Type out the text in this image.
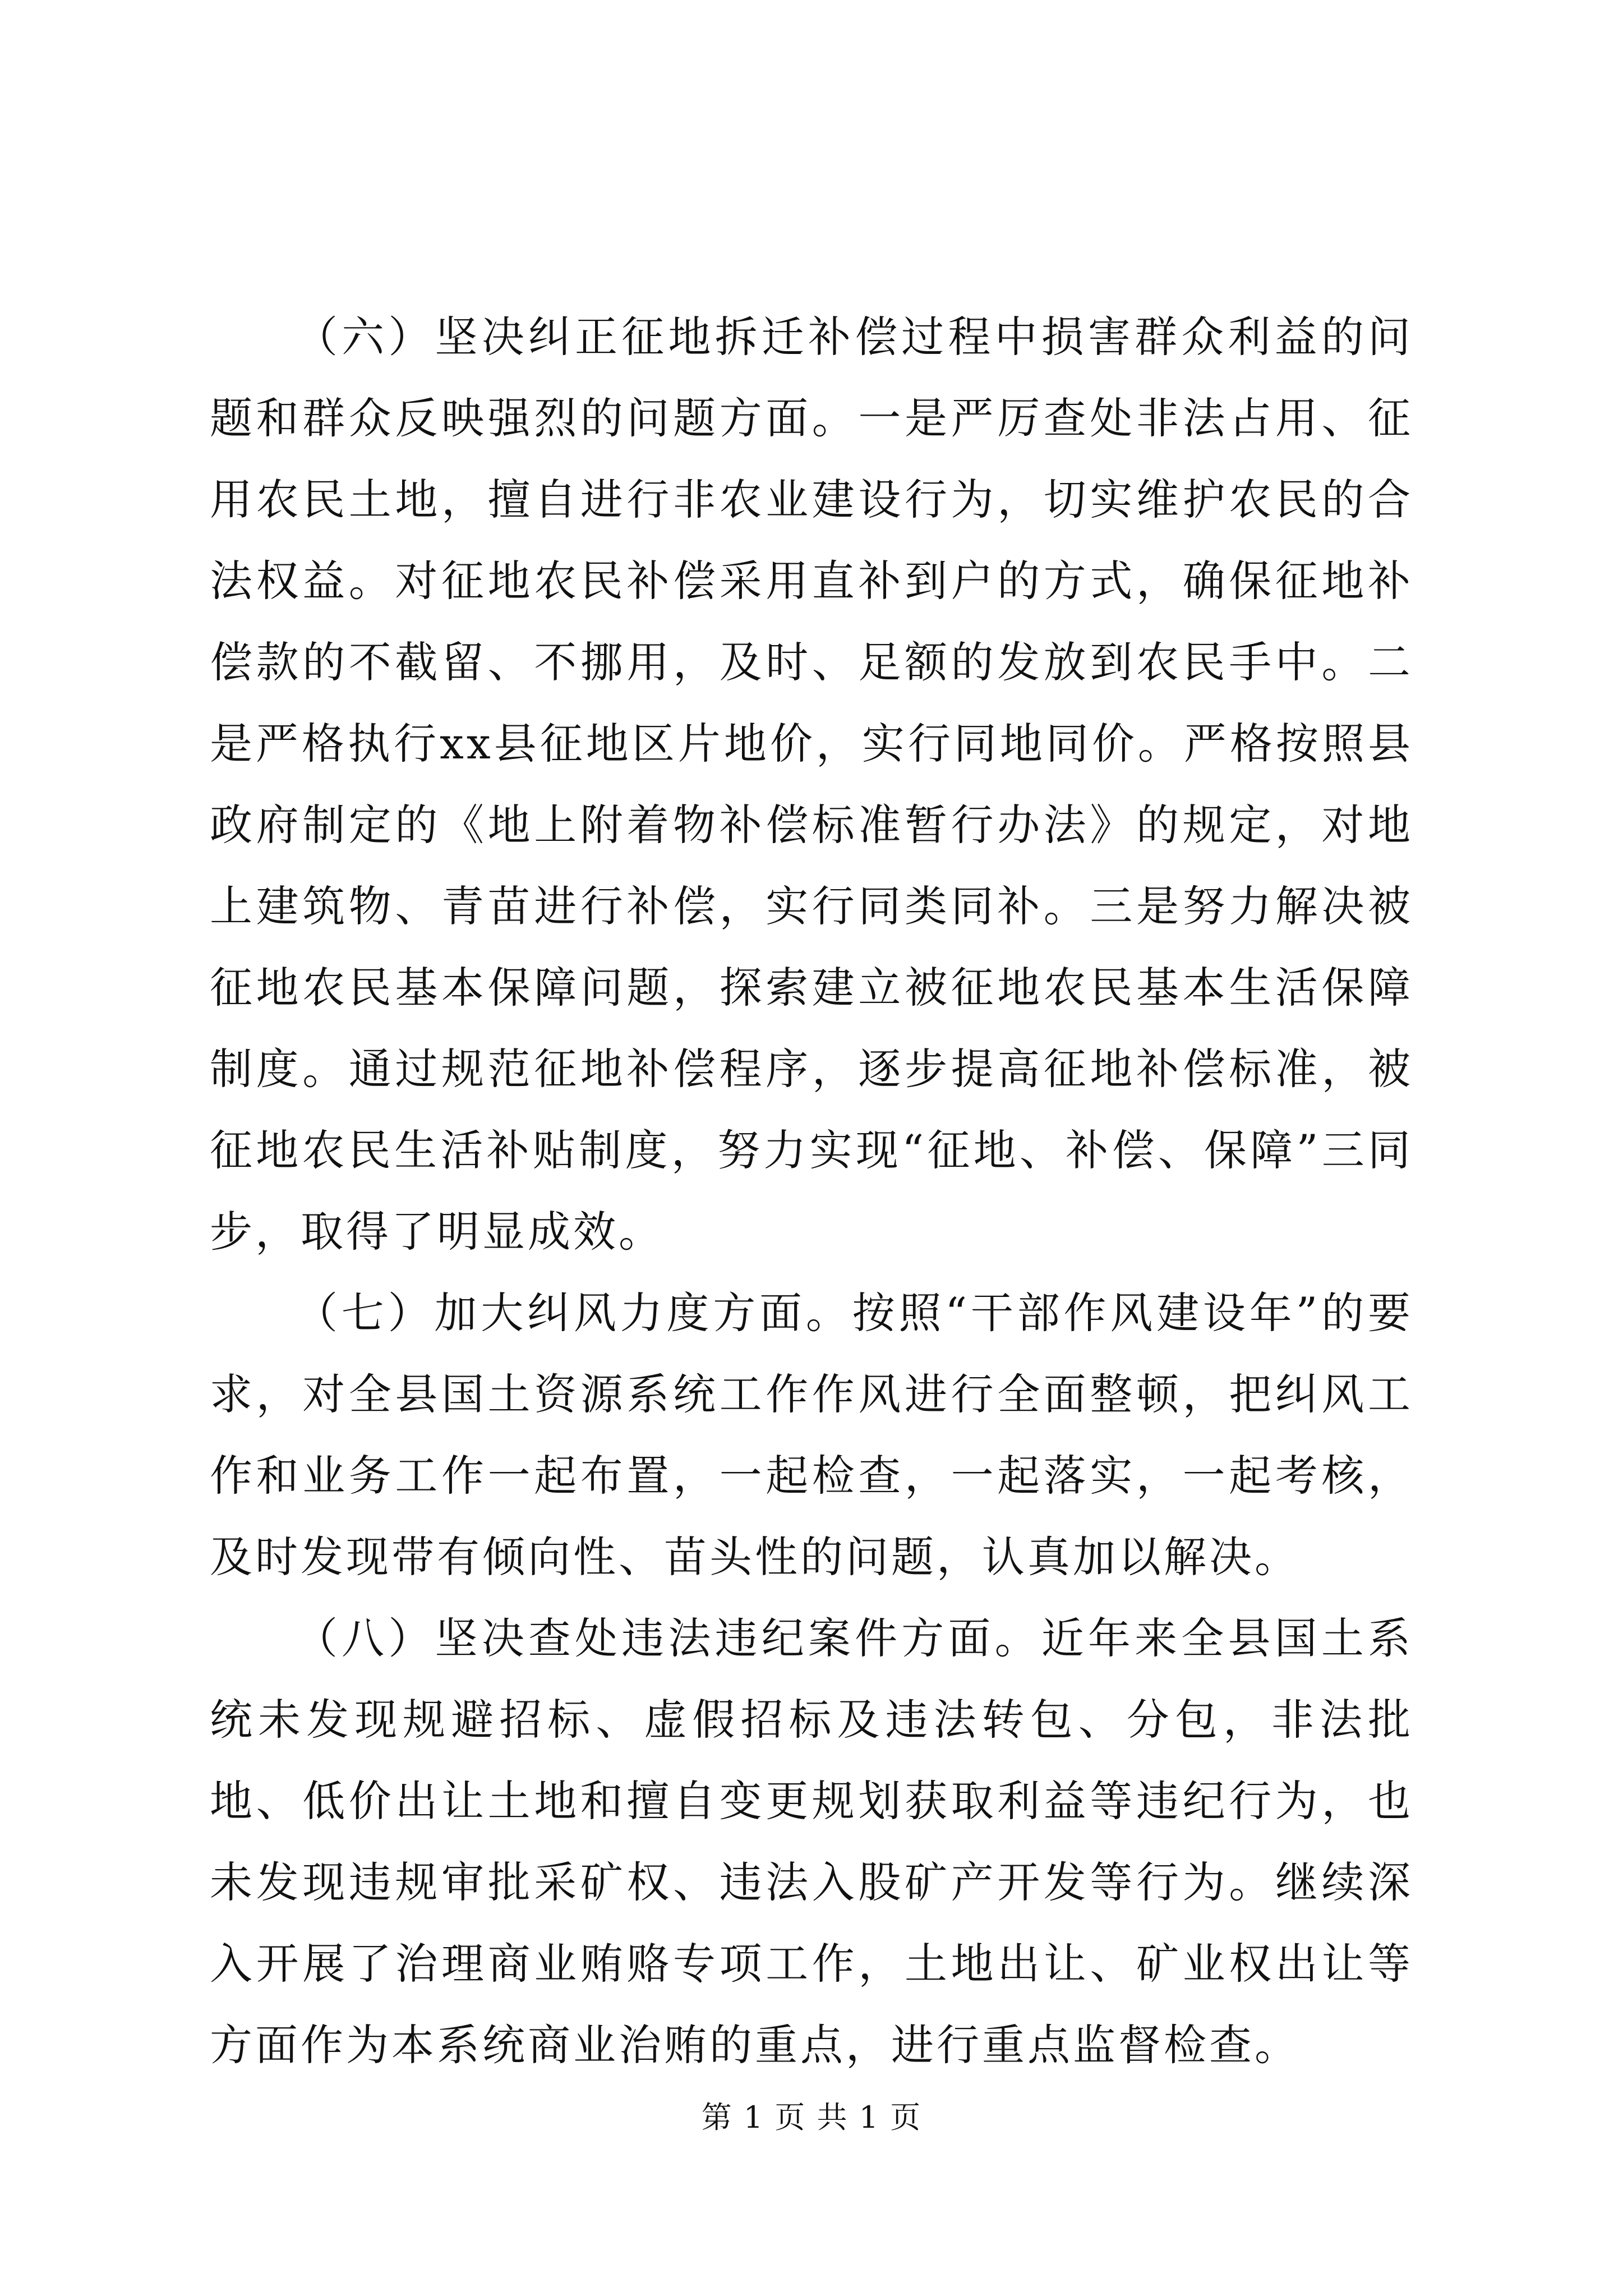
（六）坚决纠正征地拆迁补偿过程中损害群众利益的问题和群众反映强烈的问题方面。一是严厉查处非法占用、征用农民土地，擅自进行非农业建设行为，切实维护农民的合法权益。对征地农民补偿采用直补到户的方式，确保征地补偿款的不截留、不挪用，及时、足额的发放到农民手中。二是严格执行xx县征地区片地价，实行同地同价。严格按照县政府制定的《地上附着物补偿标准暂行办法》的规定，对地上建筑物、青苗进行补偿，实行同类同补。三是努力解决被征地农民基本保障问题，探索建立被征地农民基本生活保障制度。通过规范征地补偿程序，逐步提高征地补偿标准，被征地农民生活补贴制度，努力实现“征地、补偿、保障”三同步，取得了明显成效。

（七）加大纠风力度方面。按照“干部作风建设年”的要求，对全县国土资源系统工作作风进行全面整顿，把纠风工作和业务工作一起布置，一起检查，一起落实，一起考核，及时发现带有倾向性、苗头性的问题，认真加以解决。

（八）坚决查处违法违纪案件方面。近年来全县国土系统未发现规避招标、虚假招标及违法转包、分包，非法批地、低价出让土地和擅自变更规划获取利益等违纪行为，也未发现违规审批采矿权、违法入股矿产开发等行为。继续深入开展了治理商业贿赂专项工作，土地出让、矿业权出让等方面作为本系统商业治贿的重点，进行重点监督检查。

第 1 页 共 1 页
